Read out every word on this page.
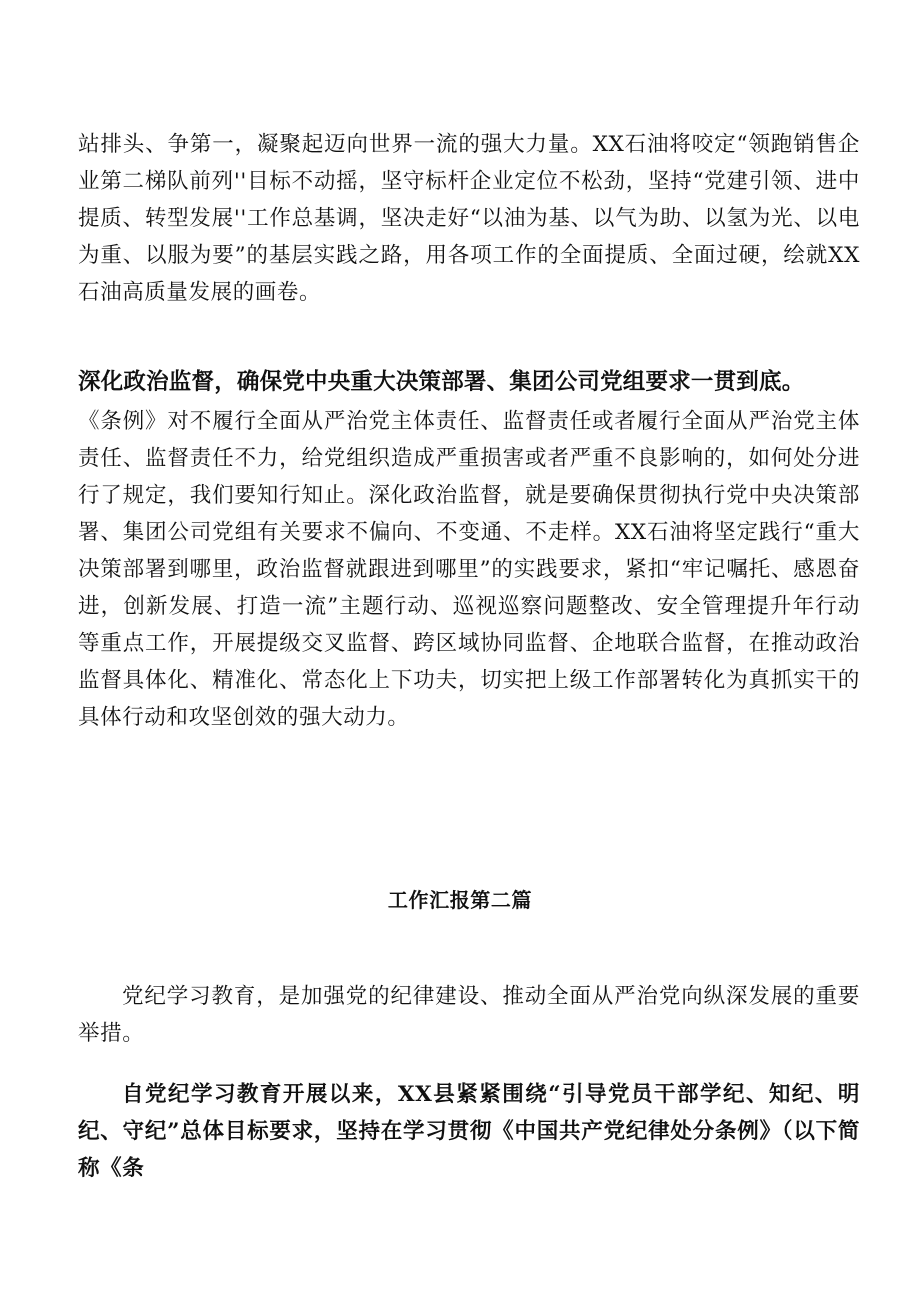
站排头、争第一，凝聚起迈向世界一流的强大力量。XX石油将咬定“领跑销售企业第二梯队前列''目标不动摇，坚守标杆企业定位不松劲，坚持“党建引领、进中提质、转型发展''工作总基调，坚决走好“以油为基、以气为助、以氢为光、以电为重、以服为要”的基层实践之路，用各项工作的全面提质、全面过硬，绘就XX石油高质量发展的画卷。

深化政治监督，确保党中央重大决策部署、集团公司党组要求一贯到底。

《条例》对不履行全面从严治党主体责任、监督责任或者履行全面从严治党主体责任、监督责任不力，给党组织造成严重损害或者严重不良影响的，如何处分进行了规定，我们要知行知止。深化政治监督，就是要确保贯彻执行党中央决策部署、集团公司党组有关要求不偏向、不变通、不走样。XX石油将坚定践行“重大决策部署到哪里，政治监督就跟进到哪里”的实践要求，紧扣“牢记嘱托、感恩奋进，创新发展、打造一流”主题行动、巡视巡察问题整改、安全管理提升年行动等重点工作，开展提级交叉监督、跨区域协同监督、企地联合监督，在推动政治监督具体化、精准化、常态化上下功夫，切实把上级工作部署转化为真抓实干的具体行动和攻坚创效的强大动力。

工作汇报第二篇

党纪学习教育，是加强党的纪律建设、推动全面从严治党向纵深发展的重要举措。

自党纪学习教育开展以来，XX县紧紧围绕“引导党员干部学纪、知纪、明纪、守纪”总体目标要求，坚持在学习贯彻《中国共产党纪律处分条例》（以下简称《条
